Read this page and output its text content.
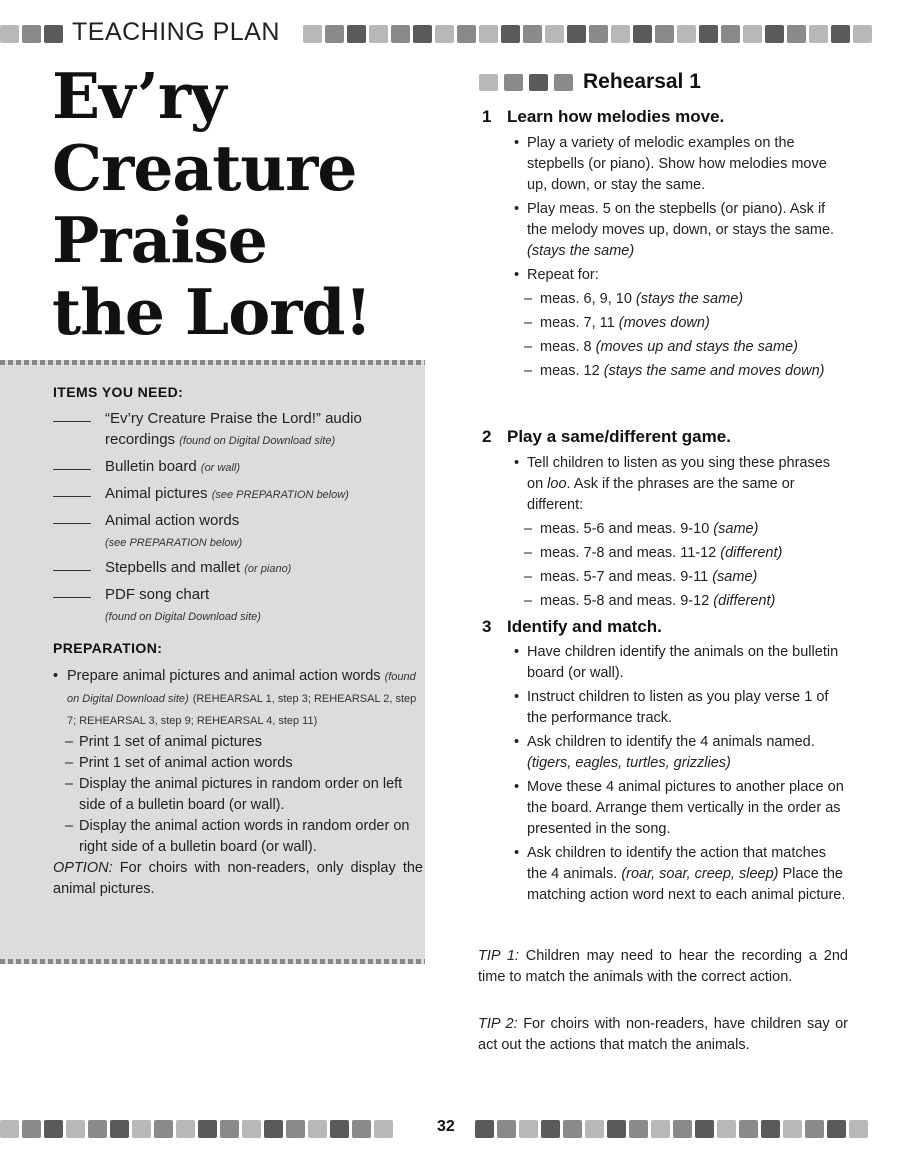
TEACHING PLAN
Ev’ry
Creature
Praise
the Lord!
ITEMS YOU NEED:
“Ev’ry Creature Praise the Lord!” audio recordings (found on Digital Download site)
Bulletin board (or wall)
Animal pictures (see PREPARATION below)
Animal action words
(see PREPARATION below)
Stepbells and mallet (or piano)
PDF song chart
(found on Digital Download site)
PREPARATION:
• Prepare animal pictures and animal action words (found on Digital Download site) (REHEARSAL 1, step 3; REHEARSAL 2, step 7; REHEARSAL 3, step 9; REHEARSAL 4, step 11)
– Print 1 set of animal pictures
– Print 1 set of animal action words
– Display the animal pictures in random order on left side of a bulletin board (or wall).
– Display the animal action words in random order on right side of a bulletin board (or wall).
OPTION: For choirs with non-readers, only display the animal pictures.
Rehearsal 1
1 Learn how melodies move.
• Play a variety of melodic examples on the stepbells (or piano). Show how melodies move up, down, or stay the same.
• Play meas. 5 on the stepbells (or piano). Ask if the melody moves up, down, or stays the same. (stays the same)
• Repeat for:
– meas. 6, 9, 10 (stays the same)
– meas. 7, 11 (moves down)
– meas. 8 (moves up and stays the same)
– meas. 12 (stays the same and moves down)
2 Play a same/different game.
• Tell children to listen as you sing these phrases on loo. Ask if the phrases are the same or different:
– meas. 5-6 and meas. 9-10 (same)
– meas. 7-8 and meas. 11-12 (different)
– meas. 5-7 and meas. 9-11 (same)
– meas. 5-8 and meas. 9-12 (different)
3 Identify and match.
• Have children identify the animals on the bulletin board (or wall).
• Instruct children to listen as you play verse 1 of the performance track.
• Ask children to identify the 4 animals named. (tigers, eagles, turtles, grizzlies)
• Move these 4 animal pictures to another place on the board. Arrange them vertically in the order as presented in the song.
• Ask children to identify the action that matches the 4 animals. (roar, soar, creep, sleep) Place the matching action word next to each animal picture.
TIP 1: Children may need to hear the recording a 2nd time to match the animals with the correct action.
TIP 2: For choirs with non-readers, have children say or act out the actions that match the animals.
32
